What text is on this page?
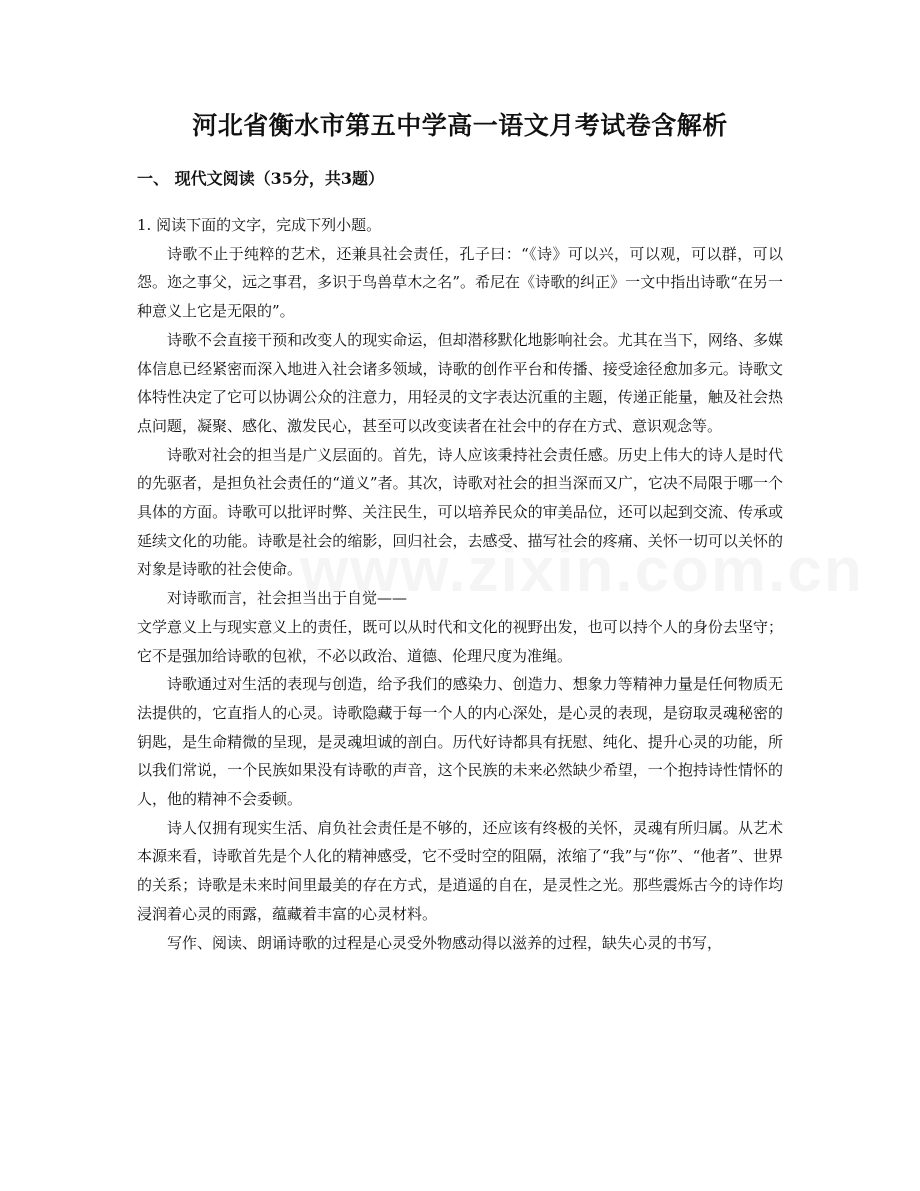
河北省衡水市第五中学高一语文月考试卷含解析
一、 现代文阅读（35分，共3题）

1. 阅读下面的文字，完成下列小题。

诗歌不止于纯粹的艺术，还兼具社会责任，孔子曰：“《诗》可以兴，可以观，可以群，可以怨。迩之事父，远之事君，多识于鸟兽草木之名”。希尼在《诗歌的纠正》一文中指出诗歌“在另一种意义上它是无限的”。

诗歌不会直接干预和改变人的现实命运，但却潜移默化地影响社会。尤其在当下，网络、多媒体信息已经紧密而深入地进入社会诸多领域，诗歌的创作平台和传播、接受途径愈加多元。诗歌文体特性决定了它可以协调公众的注意力，用轻灵的文字表达沉重的主题，传递正能量，触及社会热点问题，凝聚、感化、激发民心，甚至可以改变读者在社会中的存在方式、意识观念等。

诗歌对社会的担当是广义层面的。首先，诗人应该秉持社会责任感。历史上伟大的诗人是时代的先驱者，是担负社会责任的“道义”者。其次，诗歌对社会的担当深而又广，它决不局限于哪一个具体的方面。诗歌可以批评时弊、关注民生，可以培养民众的审美品位，还可以起到交流、传承或延续文化的功能。诗歌是社会的缩影，回归社会，去感受、描写社会的疼痛、关怀一切可以关怀的对象是诗歌的社会使命。

对诗歌而言，社会担当出于自觉——

文学意义上与现实意义上的责任，既可以从时代和文化的视野出发，也可以持个人的身份去坚守；它不是强加给诗歌的包袱，不必以政治、道德、伦理尺度为准绳。

诗歌通过对生活的表现与创造，给予我们的感染力、创造力、想象力等精神力量是任何物质无法提供的，它直指人的心灵。诗歌隐藏于每一个人的内心深处，是心灵的表现，是窃取灵魂秘密的钥匙，是生命精微的呈现，是灵魂坦诚的剖白。历代好诗都具有抚慰、纯化、提升心灵的功能，所以我们常说，一个民族如果没有诗歌的声音，这个民族的未来必然缺少希望，一个抱持诗性情怀的人，他的精神不会委顿。

诗人仅拥有现实生活、肩负社会责任是不够的，还应该有终极的关怀，灵魂有所归属。从艺术本源来看，诗歌首先是个人化的精神感受，它不受时空的阻隔，浓缩了“我”与“你”、“他者”、世界的关系；诗歌是未来时间里最美的存在方式，是逍遥的自在，是灵性之光。那些震烁古今的诗作均浸润着心灵的雨露，蕴藏着丰富的心灵材料。

写作、阅读、朗诵诗歌的过程是心灵受外物感动得以滋养的过程，缺失心灵的书写，
